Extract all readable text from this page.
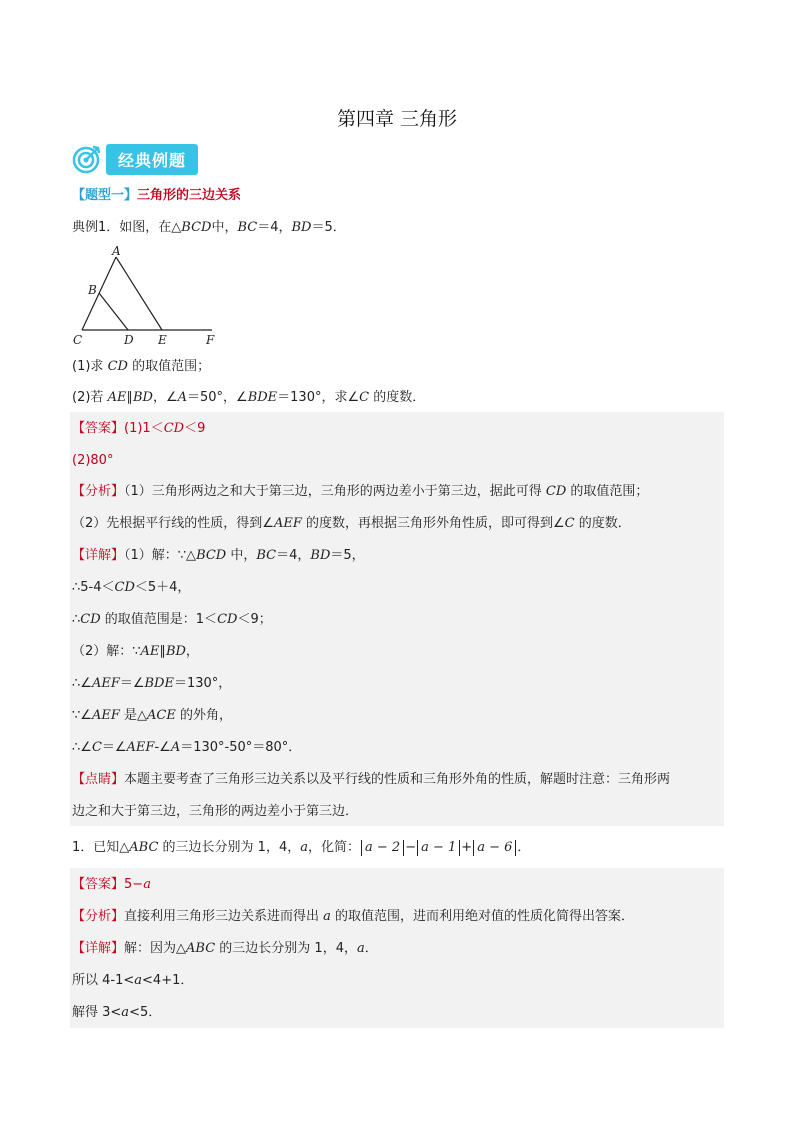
第四章 三角形
经典例题
【题型一】三角形的三边关系
典例1．如图，在△BCD中，BC＝4，BD＝5．
A
B
C	D E	F
(1)求 CD 的取值范围；
(2)若 AE∥BD，∠A＝50°，∠BDE＝130°，求∠C 的度数．
【答案】(1)1＜CD＜9
(2)80°
【分析】（1）三角形两边之和大于第三边，三角形的两边差小于第三边，据此可得 CD 的取值范围；
（2）先根据平行线的性质，得到∠AEF 的度数，再根据三角形外角性质，即可得到∠C 的度数．
【详解】（1）解：∵△BCD 中，BC＝4，BD＝5，
∴5-4＜CD＜5＋4，
∴CD 的取值范围是：1＜CD＜9；
（2）解：∵AE∥BD，
∴∠AEF＝∠BDE＝130°，
∵∠AEF 是△ACE 的外角，
∴∠C＝∠AEF-∠A＝130°-50°＝80°．
【点睛】本题主要考查了三角形三边关系以及平行线的性质和三角形外角的性质，解题时注意：三角形两
边之和大于第三边，三角形的两边差小于第三边．
1．已知△ABC 的三边长分别为 1，4，a，化简： a − 2 − a − 1 + a − 6 ．
【答案】5−a
【分析】直接利用三角形三边关系进而得出 a 的取值范围，进而利用绝对值的性质化简得出答案．
【详解】解：因为△ABC 的三边长分别为 1，4，a．
所以 4-1<a<4+1．
解得 3<a<5．
